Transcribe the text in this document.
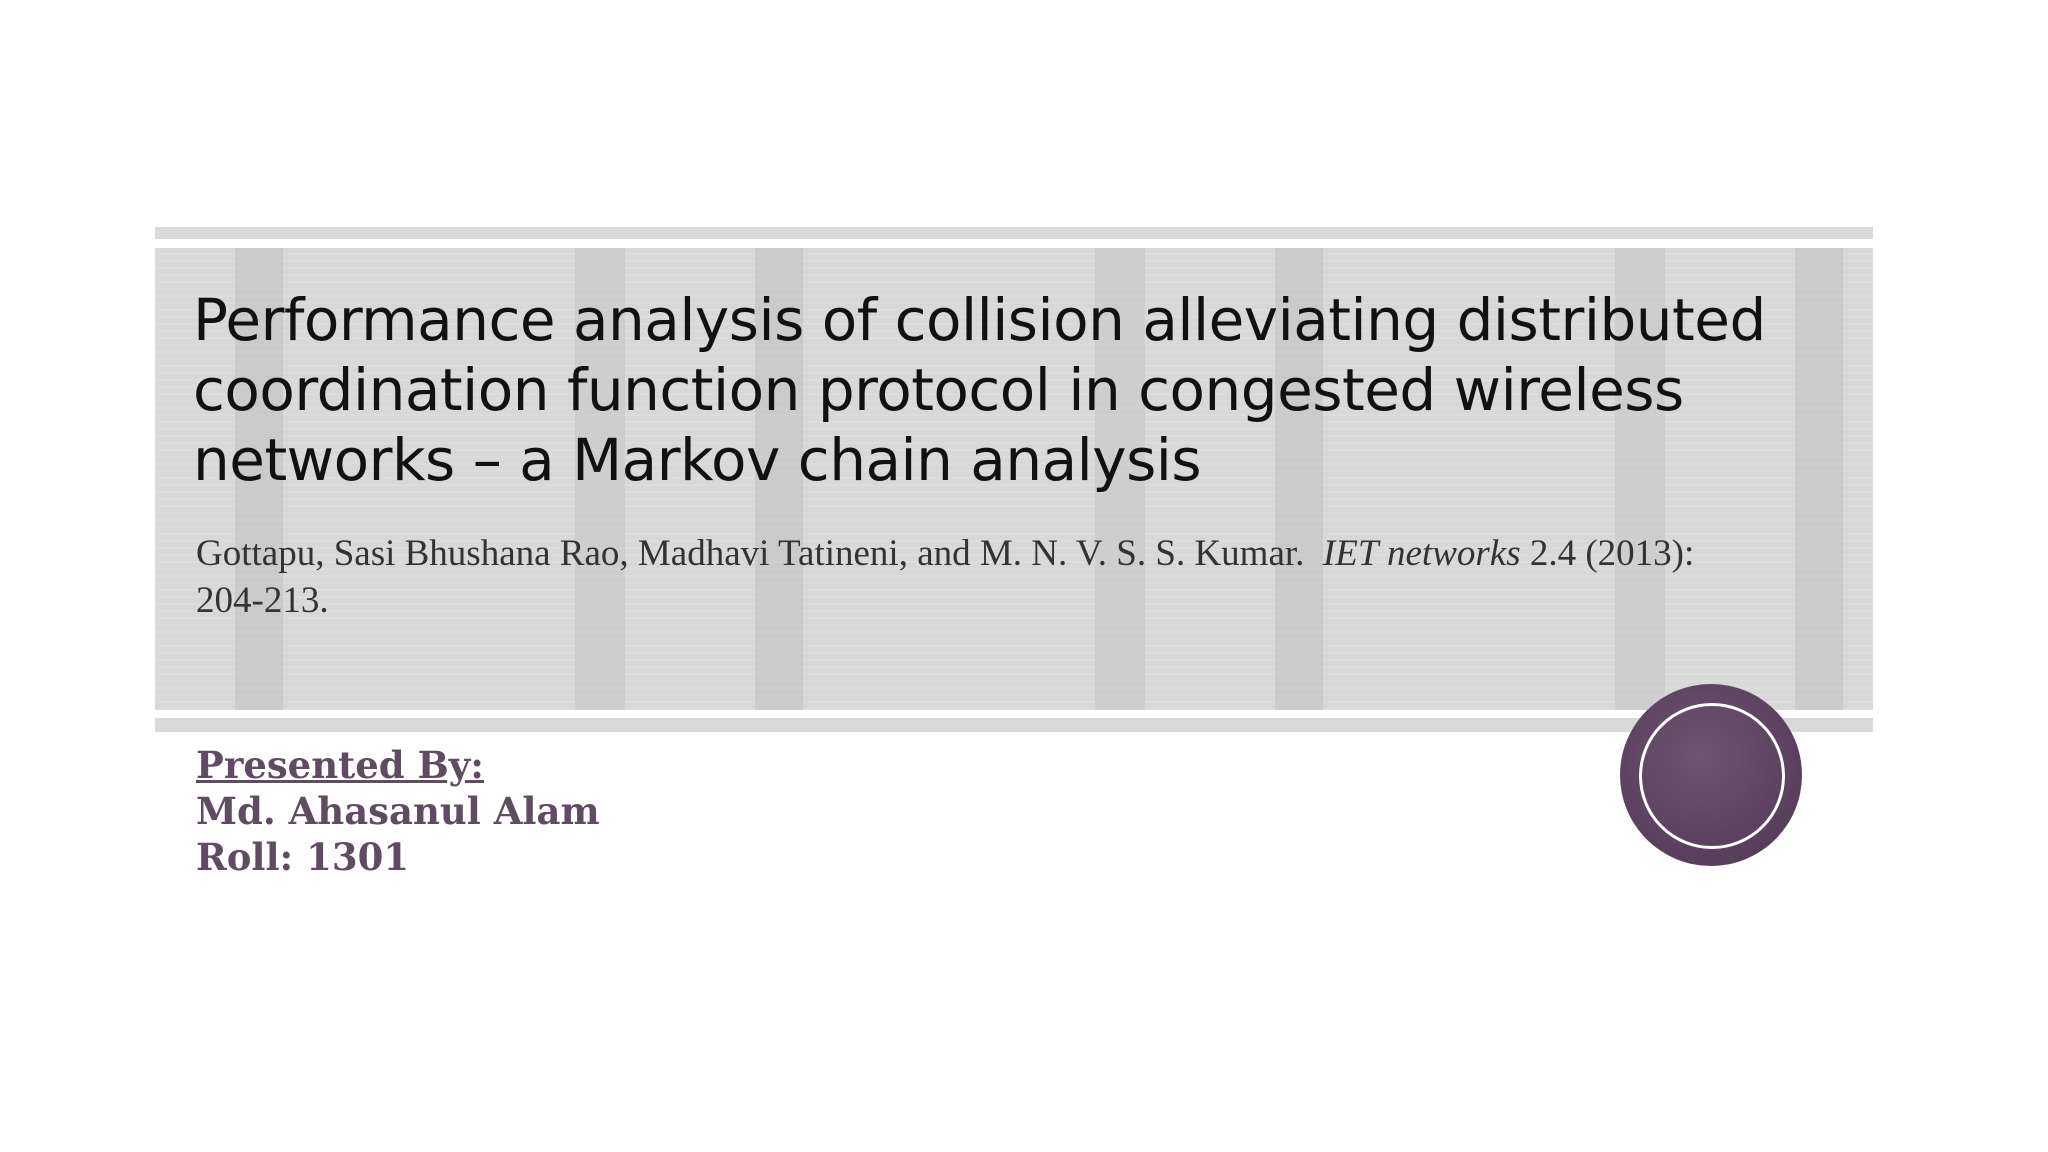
Performance analysis of collision alleviating distributed coordination function protocol in congested wireless networks – a Markov chain analysis

Gottapu, Sasi Bhushana Rao, Madhavi Tatineni, and M. N. V. S. S. Kumar. IET networks 2.4 (2013): 204-213.

Presented By:
Md. Ahasanul Alam
Roll: 1301
